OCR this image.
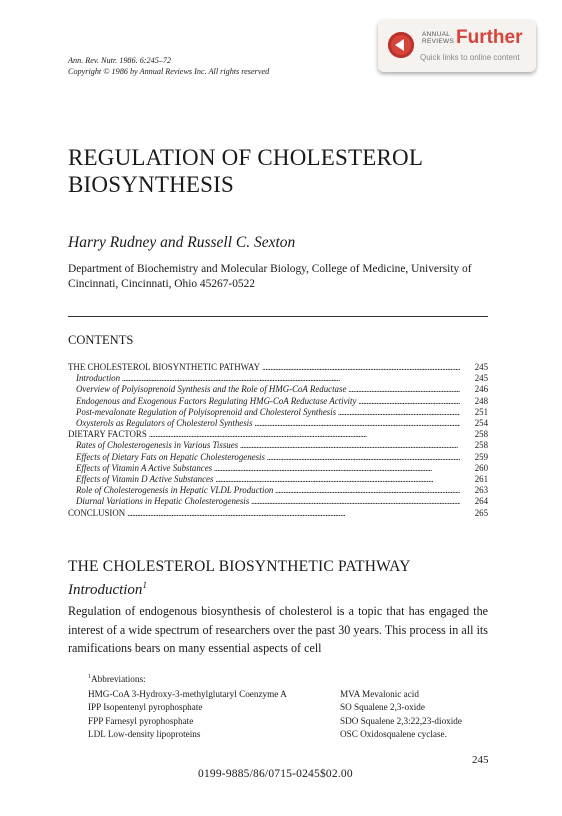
Ann. Rev. Nutr. 1986. 6:245–72
Copyright © 1986 by Annual Reviews Inc. All rights reserved
ANNUAL
REVIEWS Further
Quick links to online content
REGULATION OF CHOLESTEROL
BIOSYNTHESIS
Harry Rudney and Russell C. Sexton
Department of Biochemistry and Molecular Biology, College of Medicine, University of Cincinnati, Cincinnati, Ohio 45267-0522
CONTENTS
THE CHOLESTEROL BIOSYNTHETIC PATHWAY . . .	245
Introduction . . .	245
Overview of Polyisoprenoid Synthesis and the Role of HMG-CoA Reductase . . .	246
Endogenous and Exogenous Factors Regulating HMG-CoA Reductase Activity . . .	248
Post-mevalonate Regulation of Polyisoprenoid and Cholesterol Synthesis . . .	251
Oxysterols as Regulators of Cholesterol Synthesis . . .	254
DIETARY FACTORS . . .	258
Rates of Cholesterogenesis in Various Tissues . . .	258
Effects of Dietary Fats on Hepatic Cholesterogenesis . . .	259
Effects of Vitamin A Active Substances . . .	260
Effects of Vitamin D Active Substances . . .	261
Role of Cholesterogenesis in Hepatic VLDL Production . . .	263
Diurnal Variations in Hepatic Cholesterogenesis . . .	264
CONCLUSION . . .	265
THE CHOLESTEROL BIOSYNTHETIC PATHWAY
Introduction$^1$
Regulation of endogenous biosynthesis of cholesterol is a topic that has engaged the interest of a wide spectrum of researchers over the past 30 years. This process in all its ramifications bears on many essential aspects of cell
$^1$Abbreviations:
HMG-CoA 3-Hydroxy-3-methylglutaryl Coenzyme A
IPP Isopentenyl pyrophosphate
FPP Farnesyl pyrophosphate
LDL Low-density lipoproteins
MVA Mevalonic acid
SO Squalene 2,3-oxide
SDO Squalene 2,3:22,23-dioxide
OSC Oxidosqualene cyclase.
245
0199-9885/86/0715-0245$02.00
